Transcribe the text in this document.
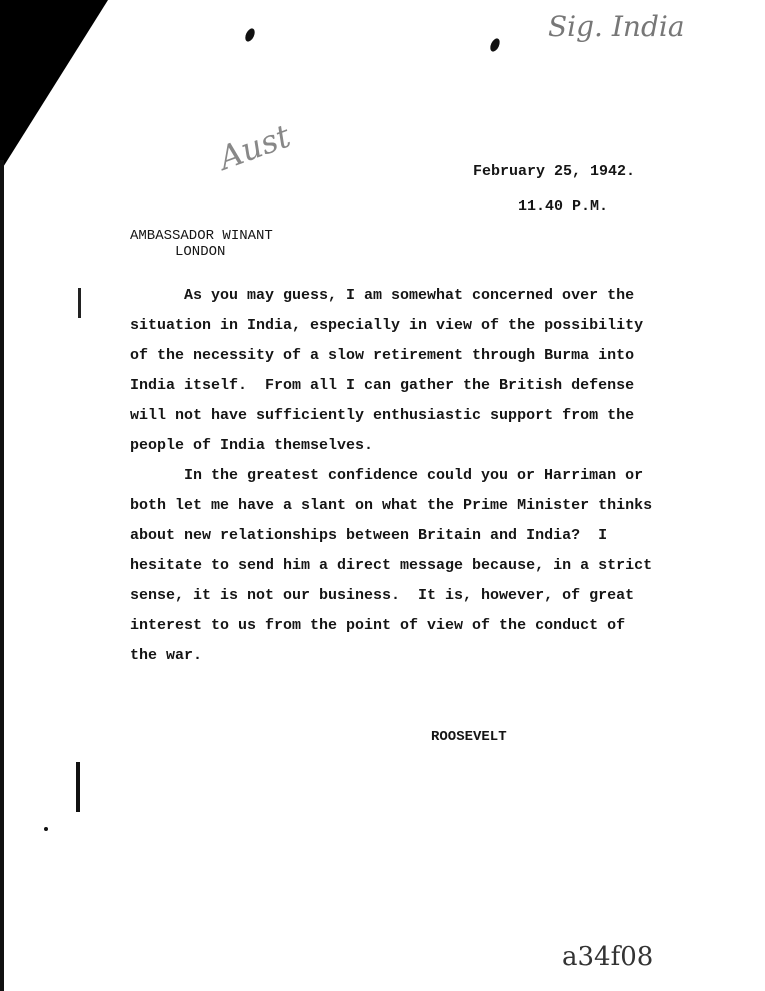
Sig. India
Aust	February 25, 1942.
11.40 P.M.
AMBASSADOR WINANT
LONDON
As you may guess, I am somewhat concerned over the
situation in India, especially in view of the possibility
of the necessity of a slow retirement through Burma into
India itself.  From all I can gather the British defense
will not have sufficiently enthusiastic support from the
people of India themselves.
In the greatest confidence could you or Harriman or
both let me have a slant on what the Prime Minister thinks
about new relationships between Britain and India?  I
hesitate to send him a direct message because, in a strict
sense, it is not our business.  It is, however, of great
interest to us from the point of view of the conduct of
the war.
ROOSEVELT
a34f08
